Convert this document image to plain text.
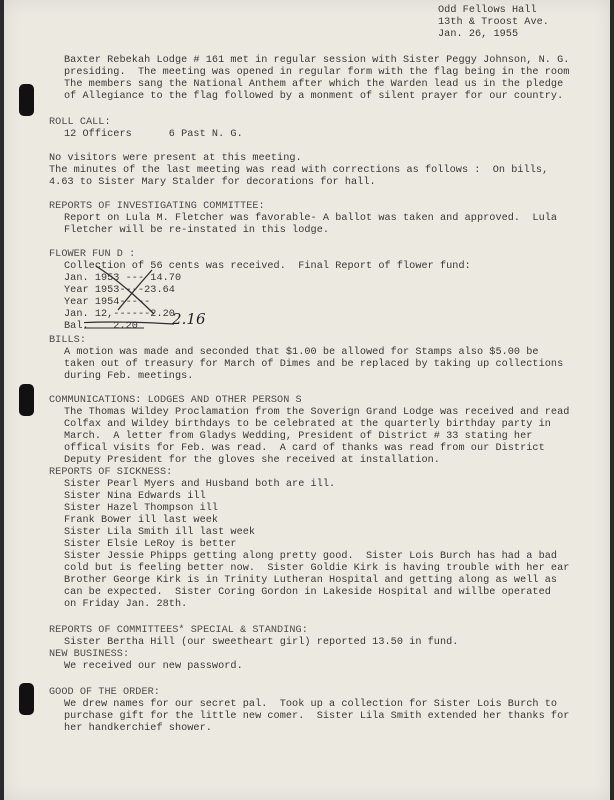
Odd Fellows Hall
13th & Troost Ave.
Jan. 26, 1955
Baxter Rebekah Lodge # 161 met in regular session with Sister Peggy Johnson, N. G.
presiding.  The meeting was opened in regular form with the flag being in the room
The members sang the National Anthem after which the Warden lead us in the pledge
of Allegiance to the flag followed by a monment of silent prayer for our country.
ROLL CALL:
12 Officers      6 Past N. G.
No visitors were present at this meeting.
The minutes of the last meeting was read with corrections as follows :  On bills,
4.63 to Sister Mary Stalder for decorations for hall.
REPORTS OF INVESTIGATING COMMITTEE:
Report on Lula M. Fletcher was favorable- A ballot was taken and approved.  Lula
Fletcher will be re-instated in this lodge.
FLOWER FUN D :
Collection of 56 cents was received.  Final Report of flower fund:
Jan. 1953 --- 14.70
Year 1953----23.64
Year 1954-----
Jan. 12,------2.20
Bal.    2.20 2.16
BILLS:
A motion was made and seconded that $1.00 be allowed for Stamps also $5.00 be
taken out of treasury for March of Dimes and be replaced by taking up collections
during Feb. meetings.
COMMUNICATIONS: LODGES AND OTHER PERSON S
The Thomas Wildey Proclamation from the Soverign Grand Lodge was received and read
Colfax and Wildey birthdays to be celebrated at the quarterly birthday party in
March.  A letter from Gladys Wedding, President of District # 33 stating her
offical visits for Feb. was read.  A card of thanks was read from our District
Deputy President for the gloves she received at installation.
REPORTS OF SICKNESS:
Sister Pearl Myers and Husband both are ill.
Sister Nina Edwards ill
Sister Hazel Thompson ill
Frank Bower ill last week
Sister Lila Smith ill last week
Sister Elsie LeRoy is better
Sister Jessie Phipps getting along pretty good.  Sister Lois Burch has had a bad
cold but is feeling better now.  Sister Goldie Kirk is having trouble with her ear
Brother George Kirk is in Trinity Lutheran Hospital and getting along as well as
can be expected.  Sister Coring Gordon in Lakeside Hospital and willbe operated
on Friday Jan. 28th.
REPORTS OF COMMITTEES* SPECIAL & STANDING:
Sister Bertha Hill (our sweetheart girl) reported 13.50 in fund.
NEW BUSINESS:
We received our new password.
GOOD OF THE ORDER:
We drew names for our secret pal.  Took up a collection for Sister Lois Burch to
purchase gift for the little new comer.  Sister Lila Smith extended her thanks for
her handkerchief shower.
